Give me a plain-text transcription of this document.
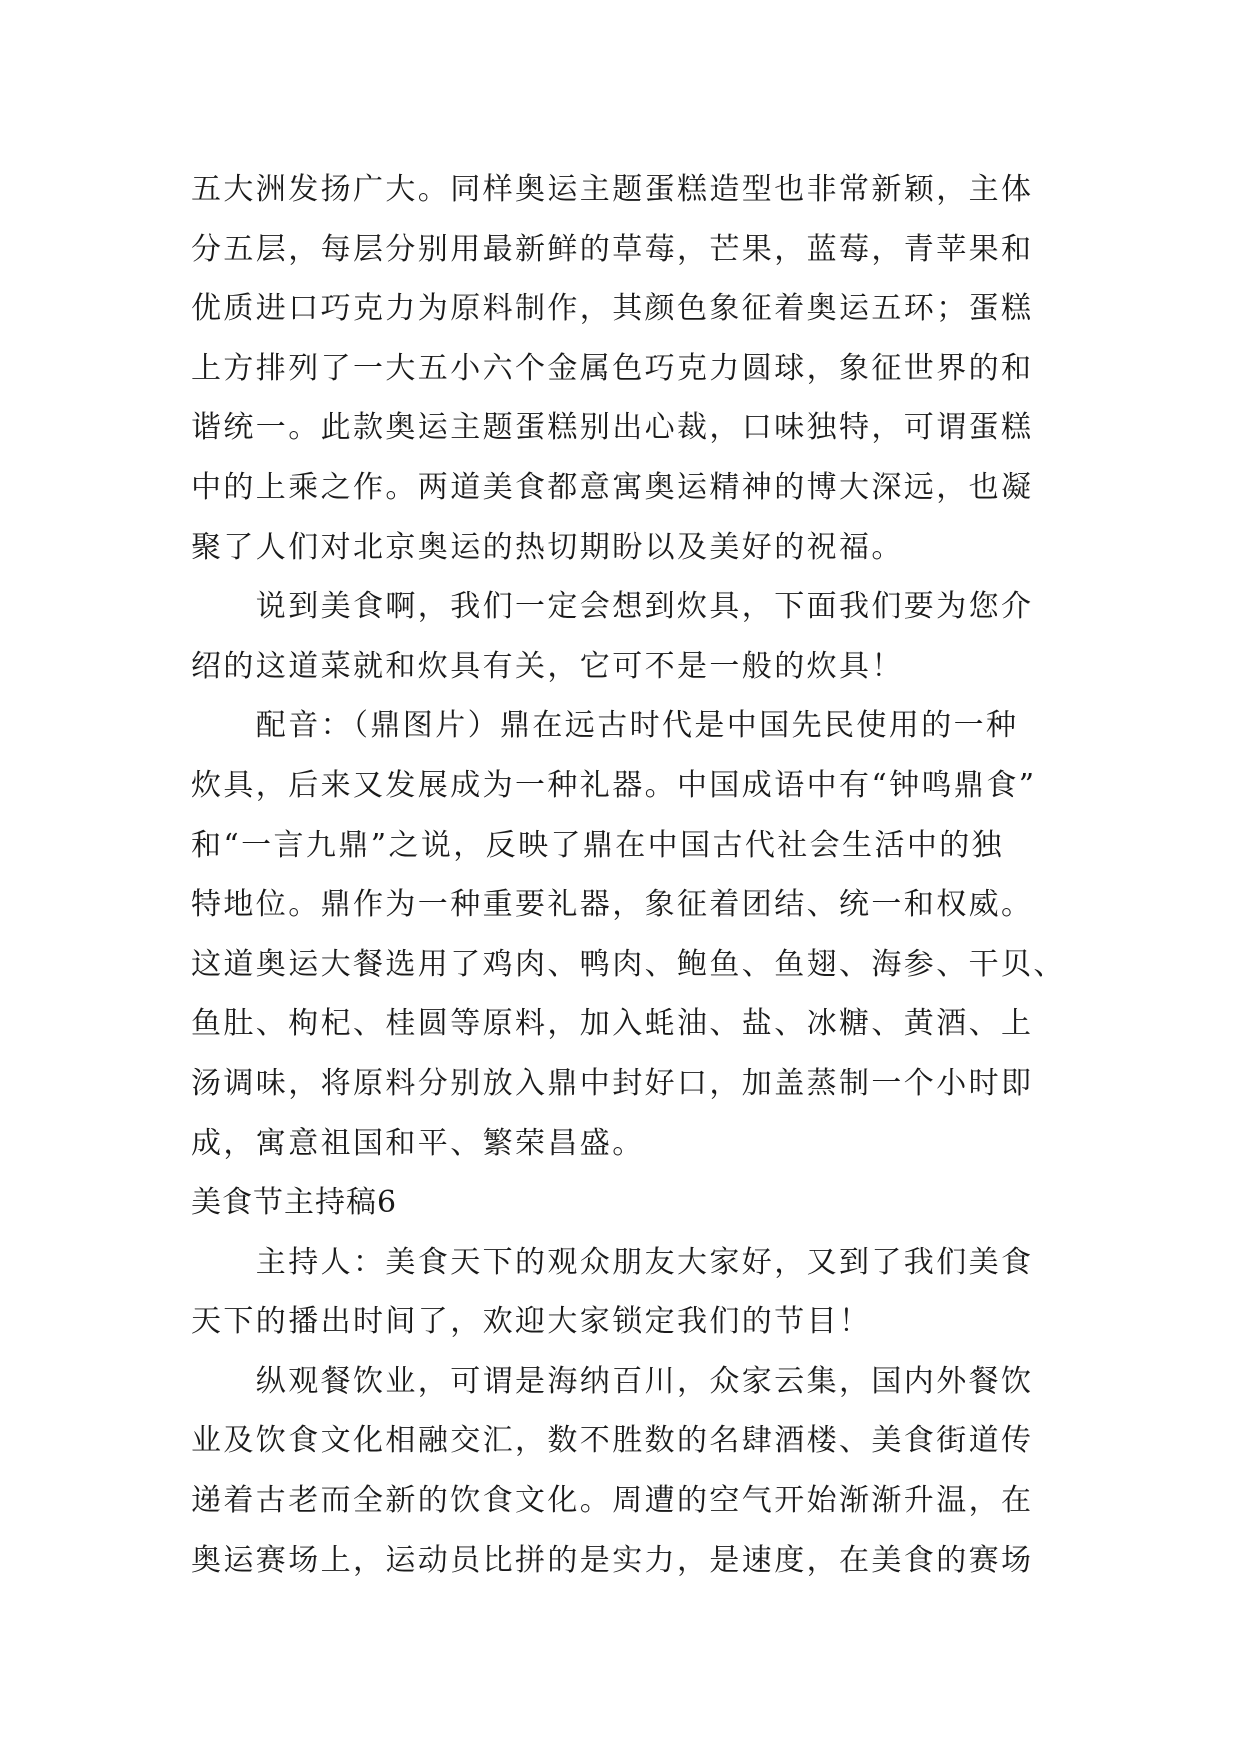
五大洲发扬广大。同样奥运主题蛋糕造型也非常新颖，主体
分五层，每层分别用最新鲜的草莓，芒果，蓝莓，青苹果和
优质进口巧克力为原料制作，其颜色象征着奥运五环；蛋糕
上方排列了一大五小六个金属色巧克力圆球，象征世界的和
谐统一。此款奥运主题蛋糕别出心裁，口味独特，可谓蛋糕
中的上乘之作。两道美食都意寓奥运精神的博大深远，也凝
聚了人们对北京奥运的热切期盼以及美好的祝福。
　　说到美食啊，我们一定会想到炊具，下面我们要为您介
绍的这道菜就和炊具有关，它可不是一般的炊具！
　　配音：（鼎图片）鼎在远古时代是中国先民使用的一种
炊具，后来又发展成为一种礼器。中国成语中有“钟鸣鼎食”
和“一言九鼎”之说，反映了鼎在中国古代社会生活中的独
特地位。鼎作为一种重要礼器，象征着团结、统一和权威。
这道奥运大餐选用了鸡肉、鸭肉、鲍鱼、鱼翅、海参、干贝、
鱼肚、枸杞、桂圆等原料，加入蚝油、盐、冰糖、黄酒、上
汤调味，将原料分别放入鼎中封好口，加盖蒸制一个小时即
成，寓意祖国和平、繁荣昌盛。
美食节主持稿6
　　主持人：美食天下的观众朋友大家好，又到了我们美食
天下的播出时间了，欢迎大家锁定我们的节目！
　　纵观餐饮业，可谓是海纳百川，众家云集，国内外餐饮
业及饮食文化相融交汇，数不胜数的名肆酒楼、美食街道传
递着古老而全新的饮食文化。周遭的空气开始渐渐升温，在
奥运赛场上，运动员比拼的是实力，是速度，在美食的赛场
